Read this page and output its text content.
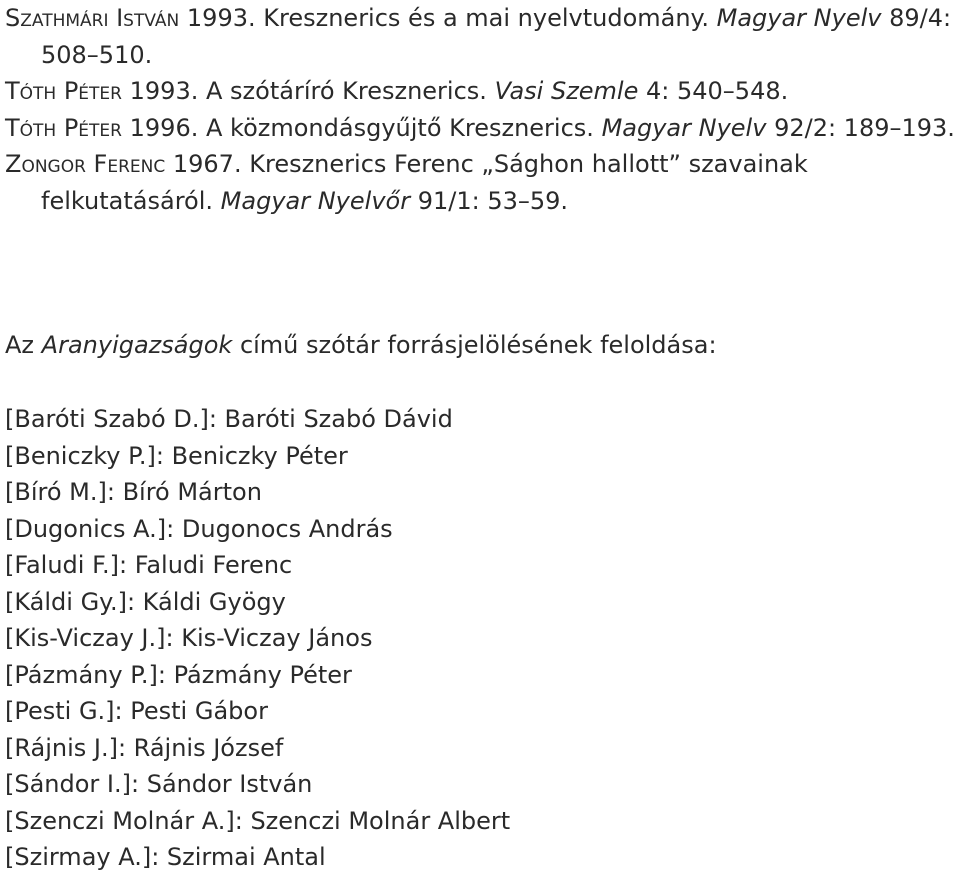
Szathmári István 1993. Kresznerics és a mai nyelvtudomány. Magyar Nyelv 89/4: 508–510.

Tóth Péter 1993. A szótáríró Kresznerics. Vasi Szemle 4: 540–548.

Tóth Péter 1996. A közmondásgyűjtő Kresznerics. Magyar Nyelv 92/2: 189–193.

Zongor Ferenc 1967. Kresznerics Ferenc „Sághon hallott” szavainak felkutatásáról. Magyar Nyelvőr 91/1: 53–59.

Az Aranyigazságok című szótár forrásjelölésének feloldása:

[Baróti Szabó D.]: Baróti Szabó Dávid
[Beniczky P.]: Beniczky Péter
[Bíró M.]: Bíró Márton
[Dugonics A.]: Dugonocs András
[Faludi F.]: Faludi Ferenc
[Káldi Gy.]: Káldi Gyögy
[Kis-Viczay J.]: Kis-Viczay János
[Pázmány P.]: Pázmány Péter
[Pesti G.]: Pesti Gábor
[Rájnis J.]: Rájnis József
[Sándor I.]: Sándor István
[Szenczi Molnár A.]: Szenczi Molnár Albert
[Szirmay A.]: Szirmai Antal
